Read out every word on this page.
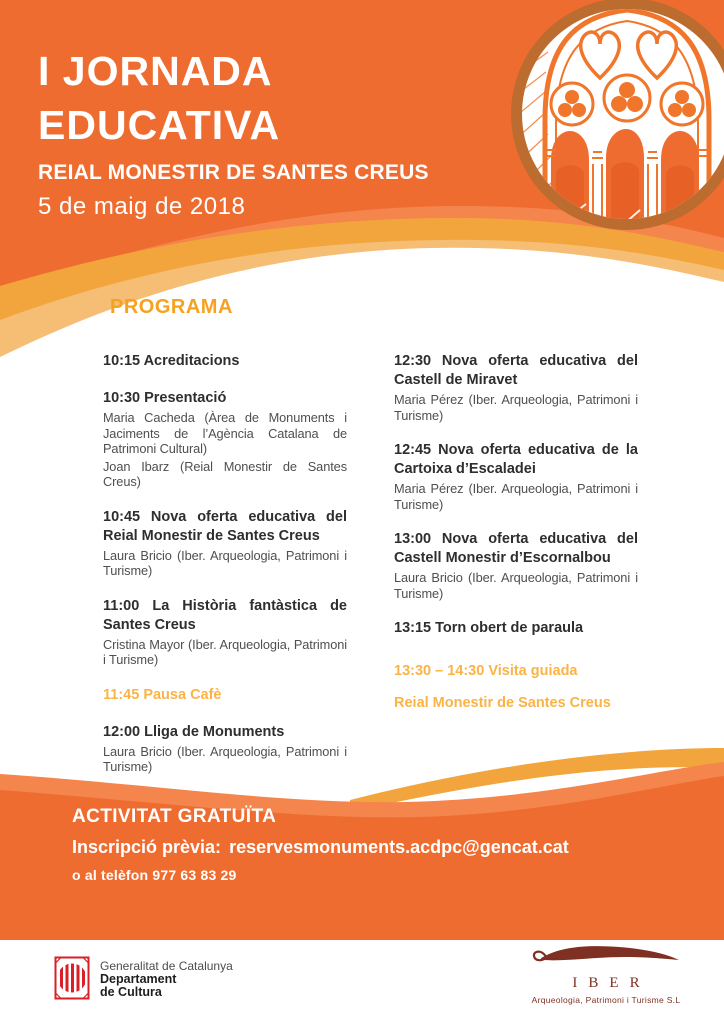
I JORNADA
EDUCATIVA
REIAL MONESTIR DE SANTES CREUS
5 de maig de 2018
PROGRAMA
10:15 Acreditacions
10:30 Presentació
Maria Cacheda (Àrea de Monuments i Jaciments de l’Agència Catalana de Patrimoni Cultural)
Joan Ibarz (Reial Monestir de Santes Creus)
10:45 Nova oferta educativa del Reial Monestir de Santes Creus
Laura Bricio (Iber. Arqueologia, Patrimoni i Turisme)
11:00 La Història fantàstica de Santes Creus
Cristina Mayor (Iber. Arqueologia, Patrimoni i Turisme)
11:45 Pausa Cafè
12:00 Lliga de Monuments
Laura Bricio (Iber. Arqueologia, Patrimoni i Turisme)
12:30 Nova oferta educativa del Castell de Miravet
Maria Pérez (Iber. Arqueologia, Patrimoni i Turisme)
12:45 Nova oferta educativa de la Cartoixa d’Escaladei
Maria Pérez (Iber. Arqueologia, Patrimoni i Turisme)
13:00 Nova oferta educativa del Castell Monestir d’Escornalbou
Laura Bricio (Iber. Arqueologia, Patrimoni i Turisme)
13:15 Torn obert de paraula
13:30 – 14:30 Visita guiada
Reial Monestir de Santes Creus
ACTIVITAT GRATUÏTA
Inscripció prèvia: reservesmonuments.acdpc@gencat.cat
o al telèfon 977 63 83 29
Generalitat de Catalunya
Departament
de Cultura
IBER
Arqueologia, Patrimoni i Turisme S.L
